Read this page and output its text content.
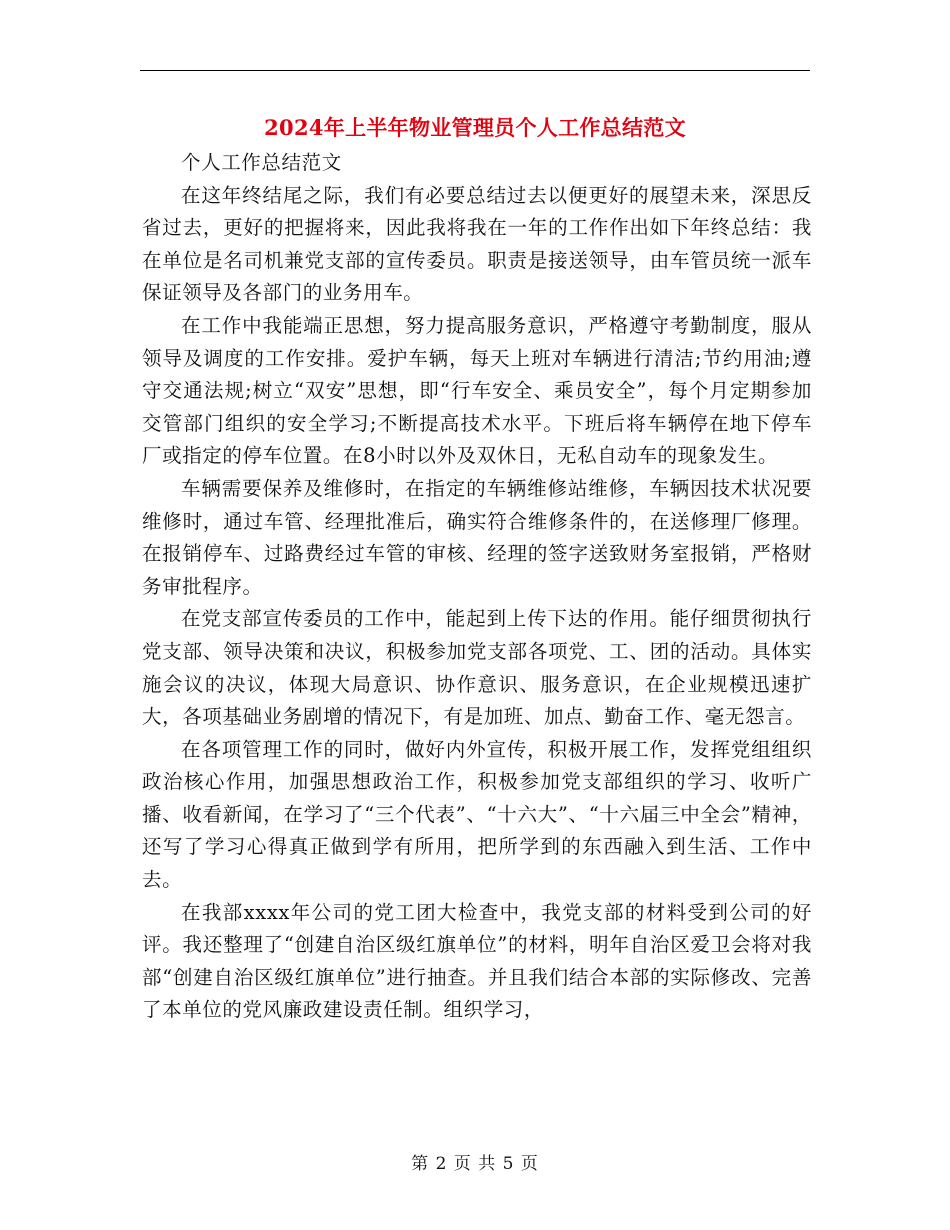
2024年上半年物业管理员个人工作总结范文

个人工作总结范文

在这年终结尾之际，我们有必要总结过去以便更好的展望未来，深思反省过去，更好的把握将来，因此我将我在一年的工作作出如下年终总结：我在单位是名司机兼党支部的宣传委员。职责是接送领导，由车管员统一派车保证领导及各部门的业务用车。

在工作中我能端正思想，努力提高服务意识，严格遵守考勤制度，服从领导及调度的工作安排。爱护车辆，每天上班对车辆进行清洁;节约用油;遵守交通法规;树立“双安”思想，即“行车安全、乘员安全”，每个月定期参加交管部门组织的安全学习;不断提高技术水平。下班后将车辆停在地下停车厂或指定的停车位置。在8小时以外及双休日，无私自动车的现象发生。

车辆需要保养及维修时，在指定的车辆维修站维修，车辆因技术状况要维修时，通过车管、经理批准后，确实符合维修条件的，在送修理厂修理。在报销停车、过路费经过车管的审核、经理的签字送致财务室报销，严格财务审批程序。

在党支部宣传委员的工作中，能起到上传下达的作用。能仔细贯彻执行党支部、领导决策和决议，积极参加党支部各项党、工、团的活动。具体实施会议的决议，体现大局意识、协作意识、服务意识，在企业规模迅速扩大，各项基础业务剧增的情况下，有是加班、加点、勤奋工作、毫无怨言。

在各项管理工作的同时，做好内外宣传，积极开展工作，发挥党组组织政治核心作用，加强思想政治工作，积极参加党支部组织的学习、收听广播、收看新闻，在学习了“三个代表”、“十六大”、“十六届三中全会”精神，还写了学习心得真正做到学有所用，把所学到的东西融入到生活、工作中去。

在我部xxxx年公司的党工团大检查中，我党支部的材料受到公司的好评。我还整理了“创建自治区级红旗单位”的材料，明年自治区爱卫会将对我部“创建自治区级红旗单位”进行抽查。并且我们结合本部的实际修改、完善了本单位的党风廉政建设责任制。组织学习，

第 2 页 共 5 页
